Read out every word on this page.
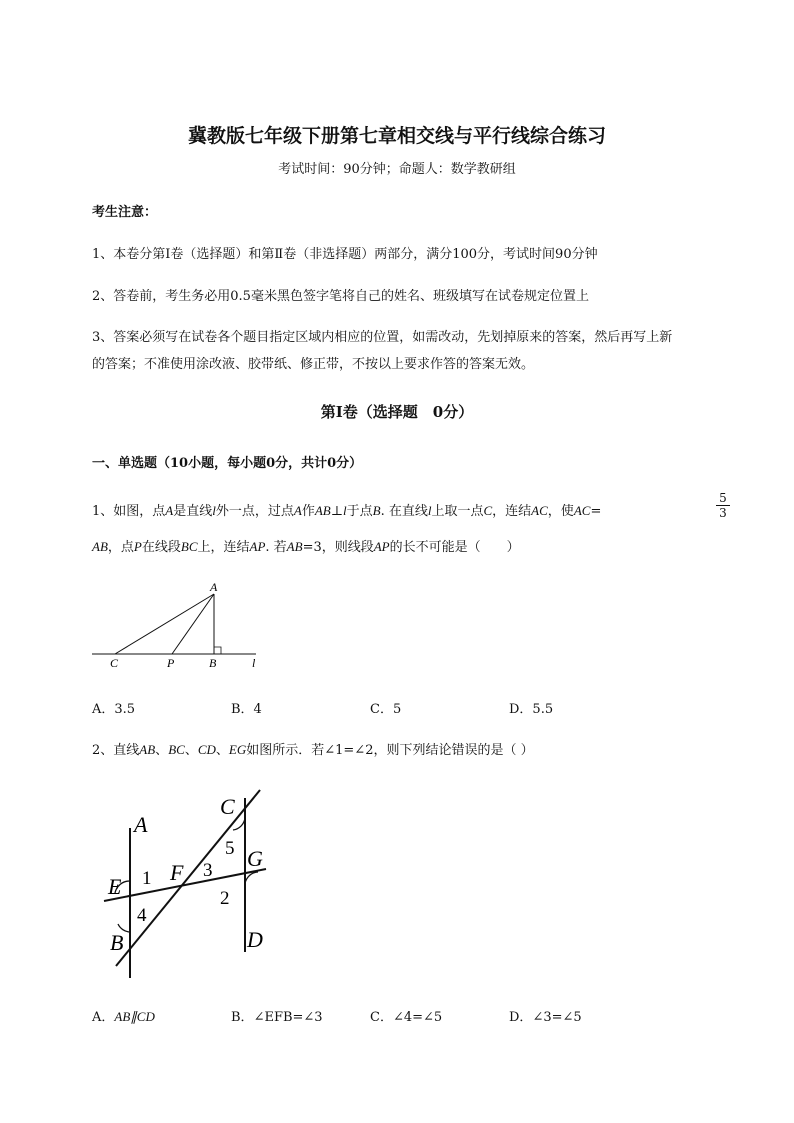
冀教版七年级下册第七章相交线与平行线综合练习
考试时间：90分钟；命题人：数学教研组
考生注意：
1、本卷分第Ⅰ卷（选择题）和第Ⅱ卷（非选择题）两部分，满分100分，考试时间90分钟
2、答卷前，考生务必用0.5毫米黑色签字笔将自己的姓名、班级填写在试卷规定位置上
3、答案必须写在试卷各个题目指定区域内相应的位置，如需改动，先划掉原来的答案，然后再写上新
的答案；不准使用涂改液、胶带纸、修正带，不按以上要求作答的答案无效。
第Ⅰ卷（选择题　0分）
一、单选题（10小题，每小题0分，共计0分）
1、如图，点A是直线l外一点，过点A作AB⊥l于点B. 在直线l上取一点C，连结AC，使AC=	$\frac{5}{3}$
AB，点P在线段BC上，连结AP. 若AB=3，则线段AP的长不可能是（　　）
A
C	P	B	l
A．3.5	B．4	C．5	D．5.5
2、直线AB、BC、CD、EG如图所示．若∠1=∠2，则下列结论错误的是（ ）
A
B
C
D
E
F
G
1
2
3
4
5
A．AB∥CD	B．∠EFB=∠3	C．∠4=∠5	D．∠3=∠5
